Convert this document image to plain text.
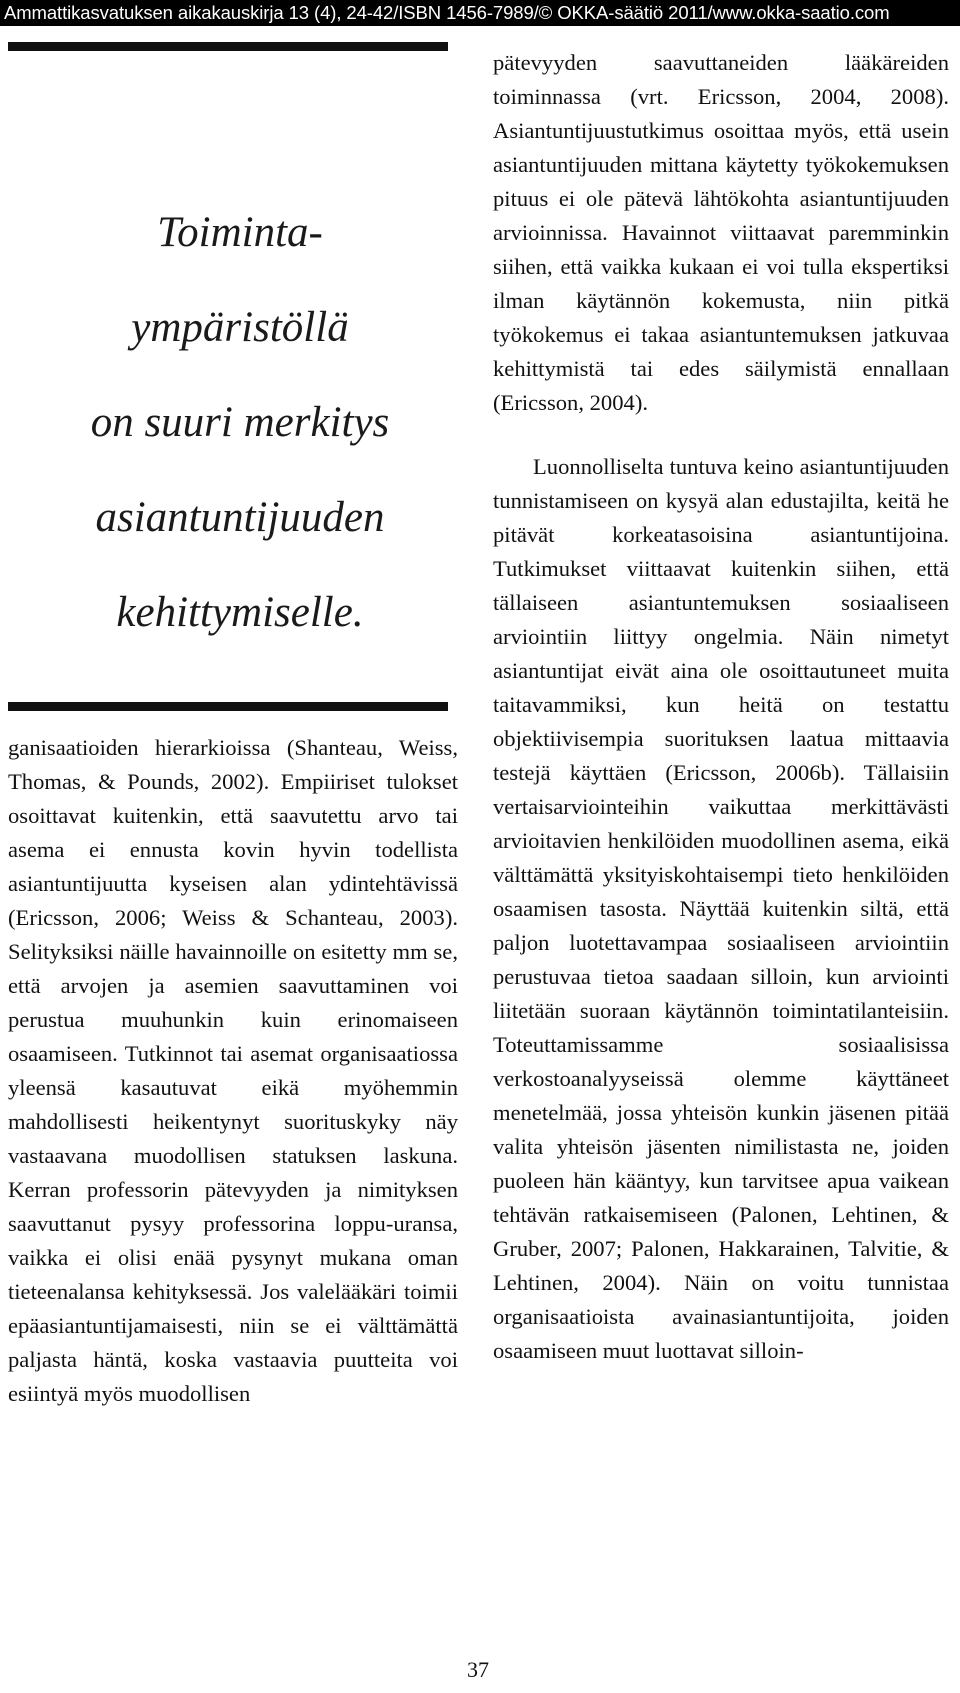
Ammattikasvatuksen aikakauskirja 13 (4), 24-42/ISBN 1456-7989/© OKKA-säätiö 2011/www.okka-saatio.com
Toiminta-
ympäristöllä
on suuri merkitys
asiantuntijuuden
kehittymiselle.

ganisaatioiden hierarkioissa (Shanteau, Weiss, Thomas, & Pounds, 2002). Empiiriset tulokset osoittavat kuitenkin, että saavutettu arvo tai asema ei ennusta kovin hyvin todellista asiantuntijuutta kyseisen alan ydintehtävissä (Ericsson, 2006; Weiss & Schanteau, 2003). Selityksiksi näille havainnoille on esitetty mm se, että arvojen ja asemien saavuttaminen voi perustua muuhunkin kuin erinomaiseen osaamiseen. Tutkinnot tai asemat organisaatiossa yleensä kasautuvat eikä myöhemmin mahdollisesti heikentynyt suorituskyky näy vastaavana muodollisen statuksen laskuna. Kerran professorin pätevyyden ja nimityksen saavuttanut pysyy professorina loppu-uransa, vaikka ei olisi enää pysynyt mukana oman tieteenalansa kehityksessä. Jos valelääkäri toimii epäasiantuntijamaisesti, niin se ei välttämättä paljasta häntä, koska vastaavia puutteita voi esiintyä myös muodollisen

pätevyyden saavuttaneiden lääkäreiden toiminnassa (vrt. Ericsson, 2004, 2008). Asiantuntijuustutkimus osoittaa myös, että usein asiantuntijuuden mittana käytetty työkokemuksen pituus ei ole pätevä lähtökohta asiantuntijuuden arvioinnissa. Havainnot viittaavat paremminkin siihen, että vaikka kukaan ei voi tulla ekspertiksi ilman käytännön kokemusta, niin pitkä työkokemus ei takaa asiantuntemuksen jatkuvaa kehittymistä tai edes säilymistä ennallaan (Ericsson, 2004).

Luonnolliselta tuntuva keino asiantuntijuuden tunnistamiseen on kysyä alan edustajilta, keitä he pitävät korkeatasoisina asiantuntijoina. Tutkimukset viittaavat kuitenkin siihen, että tällaiseen asiantuntemuksen sosiaaliseen arviointiin liittyy ongelmia. Näin nimetyt asiantuntijat eivät aina ole osoittautuneet muita taitavammiksi, kun heitä on testattu objektiivisempia suorituksen laatua mittaavia testejä käyttäen (Ericsson, 2006b). Tällaisiin vertaisarviointeihin vaikuttaa merkittävästi arvioitavien henkilöiden muodollinen asema, eikä välttämättä yksityiskohtaisempi tieto henkilöiden osaamisen tasosta. Näyttää kuitenkin siltä, että paljon luotettavampaa sosiaaliseen arviointiin perustuvaa tietoa saadaan silloin, kun arviointi liitetään suoraan käytännön toimintatilanteisiin. Toteuttamissamme sosiaalisissa verkostoanalyyseissä olemme käyttäneet menetelmää, jossa yhteisön kunkin jäsenen pitää valita yhteisön jäsenten nimilistasta ne, joiden puoleen hän kääntyy, kun tarvitsee apua vaikean tehtävän ratkaisemiseen (Palonen, Lehtinen, & Gruber, 2007; Palonen, Hakkarainen, Talvitie, & Lehtinen, 2004). Näin on voitu tunnistaa organisaatioista avainasiantuntijoita, joiden osaamiseen muut luottavat silloin-

37
